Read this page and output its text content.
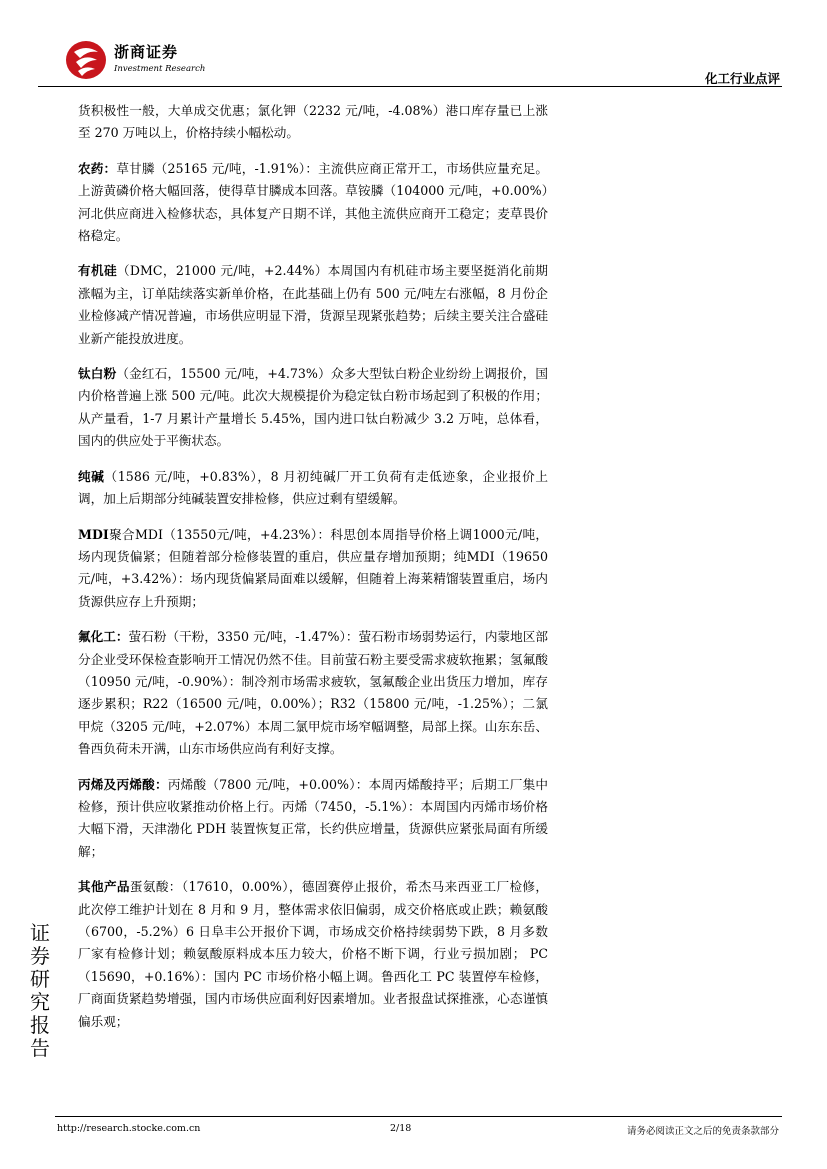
浙商证券
Investment Research
化工行业点评

货积极性一般，大单成交优惠；氯化钾（2232 元/吨，-4.08%）港口库存量已上涨至 270 万吨以上，价格持续小幅松动。

农药：草甘膦（25165 元/吨，-1.91%）：主流供应商正常开工，市场供应量充足。上游黄磷价格大幅回落，使得草甘膦成本回落。草铵膦（104000 元/吨，+0.00%）河北供应商进入检修状态，具体复产日期不详，其他主流供应商开工稳定；麦草畏价格稳定。

有机硅（DMC，21000 元/吨，+2.44%）本周国内有机硅市场主要坚挺消化前期涨幅为主，订单陆续落实新单价格，在此基础上仍有 500 元/吨左右涨幅，8 月份企业检修减产情况普遍，市场供应明显下滑，货源呈现紧张趋势；后续主要关注合盛硅业新产能投放进度。

钛白粉（金红石，15500 元/吨，+4.73%）众多大型钛白粉企业纷纷上调报价，国内价格普遍上涨 500 元/吨。此次大规模提价为稳定钛白粉市场起到了积极的作用；从产量看，1-7 月累计产量增长 5.45%，国内进口钛白粉减少 3.2 万吨，总体看，国内的供应处于平衡状态。

纯碱（1586 元/吨，+0.83%），8 月初纯碱厂开工负荷有走低迹象，企业报价上调，加上后期部分纯碱装置安排检修，供应过剩有望缓解。

MDI聚合MDI（13550元/吨，+4.23%）：科思创本周指导价格上调1000元/吨，场内现货偏紧；但随着部分检修装置的重启，供应量存增加预期；纯MDI（19650元/吨，+3.42%）：场内现货偏紧局面难以缓解，但随着上海莱精馏装置重启，场内货源供应存上升预期；

氟化工：萤石粉（干粉，3350 元/吨，-1.47%）：萤石粉市场弱势运行，内蒙地区部分企业受环保检查影响开工情况仍然不佳。目前萤石粉主要受需求疲软拖累；氢氟酸（10950 元/吨，-0.90%）：制冷剂市场需求疲软，氢氟酸企业出货压力增加，库存逐步累积；R22（16500 元/吨，0.00%）；R32（15800 元/吨，-1.25%）；二氯甲烷（3205 元/吨，+2.07%）本周二氯甲烷市场窄幅调整，局部上探。山东东岳、鲁西负荷未开满，山东市场供应尚有利好支撑。

丙烯及丙烯酸：丙烯酸（7800 元/吨，+0.00%）：本周丙烯酸持平；后期工厂集中检修，预计供应收紧推动价格上行。丙烯（7450，-5.1%）：本周国内丙烯市场价格大幅下滑，天津渤化 PDH 装置恢复正常，长约供应增量，货源供应紧张局面有所缓解；

其他产品蛋氨酸：（17610，0.00%），德固赛停止报价，希杰马来西亚工厂检修，此次停工维护计划在 8 月和 9 月，整体需求依旧偏弱，成交价格底或止跌；赖氨酸（6700，-5.2%）6 日阜丰公开报价下调，市场成交价格持续弱势下跌，8 月多数厂家有检修计划；赖氨酸原料成本压力较大，价格不断下调，行业亏损加剧； PC（15690，+0.16%）：国内 PC 市场价格小幅上调。鲁西化工 PC 装置停车检修，厂商面货紧趋势增强，国内市场供应面利好因素增加。业者报盘试探推涨，心态谨慎偏乐观；

证
券
研
究
报
告
http://research.stocke.com.cn	2/18	请务必阅读正文之后的免责条款部分
